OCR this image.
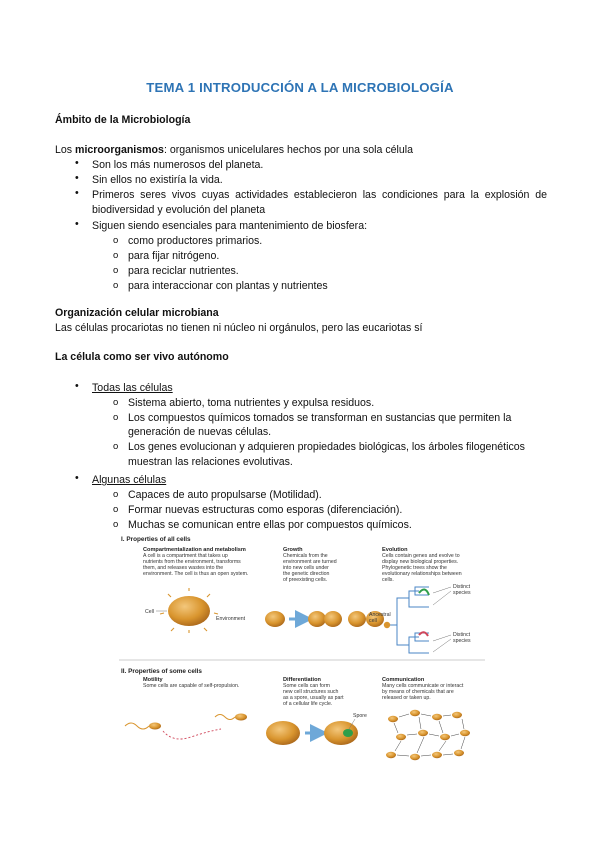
TEMA 1 INTRODUCCIÓN A LA MICROBIOLOGÍA
Ámbito de la Microbiología
Los microorganismos: organismos unicelulares hechos por una sola célula
• Son los más numerosos del planeta.
• Sin ellos no existiría la vida.
• Primeros seres vivos cuyas actividades establecieron las condiciones para la explosión de
biodiversidad y evolución del planeta
• Siguen siendo esenciales para mantenimiento de biosfera:
o como productores primarios.
o para fijar nitrógeno.
o para reciclar nutrientes.
o para interaccionar con plantas y nutrientes
Organización celular microbiana
Las células procariotas no tienen ni núcleo ni orgánulos, pero las eucariotas sí
La célula como ser vivo autónomo
• Todas las células
o Sistema abierto, toma nutrientes y expulsa residuos.
o Los compuestos químicos tomados se transforman en sustancias que permiten la
generación de nuevas células.
o Los genes evolucionan y adquieren propiedades biológicas, los árboles filogenéticos
muestran las relaciones evolutivas.
• Algunas células
o Capaces de auto propulsarse (Motilidad).
o Formar nuevas estructuras como esporas (diferenciación).
o Muchas se comunican entre ellas por compuestos químicos.
I. Properties of all cells
Compartmentalization and metabolism
A cell is a compartment that takes up
nutrients from the environment, transforms
them, and releases wastes into the
environment. The cell is thus an open system.
Cell
Environment
Growth
Chemicals from the
environment are turned
into new cells under
the genetic direction
of preexisting cells.
Evolution
Cells contain genes and evolve to
display new biological properties.
Phylogenetic trees show the
evolutionary relationships between
cells.
Ancestral
cell
Distinct
species
Distinct
species
II. Properties of some cells
Motility
Some cells are capable of self-propulsion.
Differentiation
Some cells can form
new cell structures such
as a spore, usually as part
of a cellular life cycle.
Spore
Communication
Many cells communicate or interact
by means of chemicals that are
released or taken up.
